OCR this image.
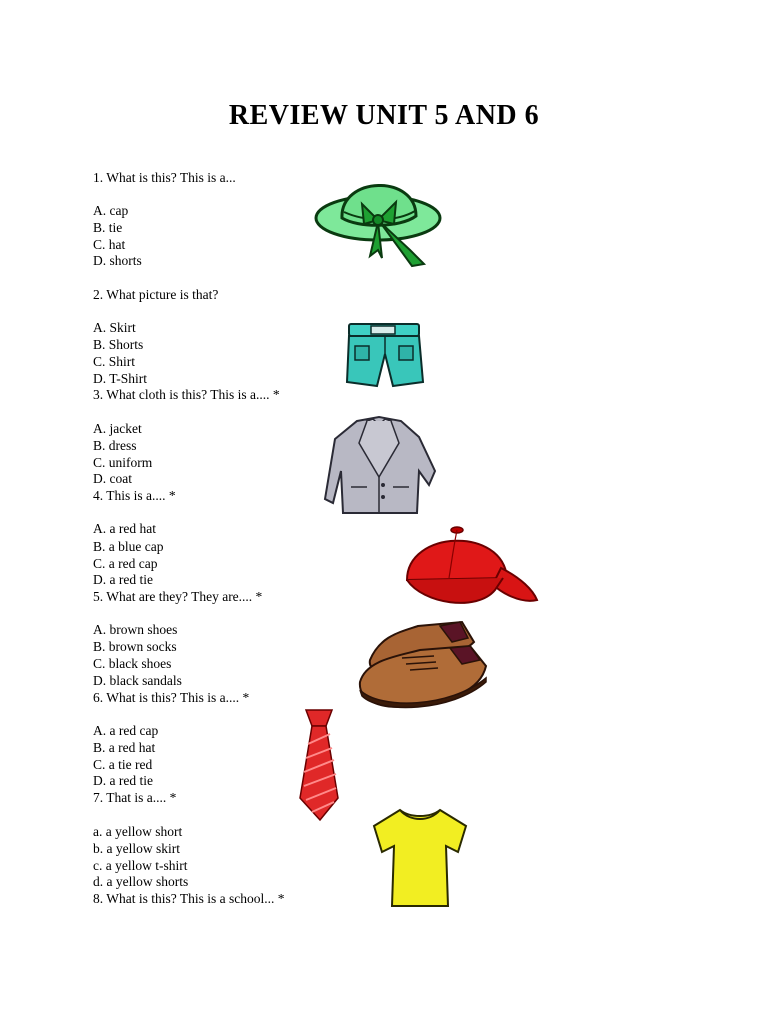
REVIEW UNIT 5 AND 6
1. What is this? This is a...
A. cap
B. tie
C. hat
D. shorts
2. What picture is that?
A. Skirt
B. Shorts
C. Shirt
D. T-Shirt
3. What cloth is this? This is a.... *
A. jacket
B. dress
C. uniform
D. coat
4. This is a.... *
A. a red hat
B. a blue cap
C. a red cap
D. a red tie
5. What are they? They are.... *
A. brown shoes
B. brown socks
C. black shoes
D. black sandals
6. What is this? This is a.... *
A. a red cap
B. a red hat
C. a tie red
D. a red tie
7. That is a.... *
a. a yellow short
b. a yellow skirt
c. a yellow t-shirt
d. a yellow shorts
8. What is this? This is a school... *
